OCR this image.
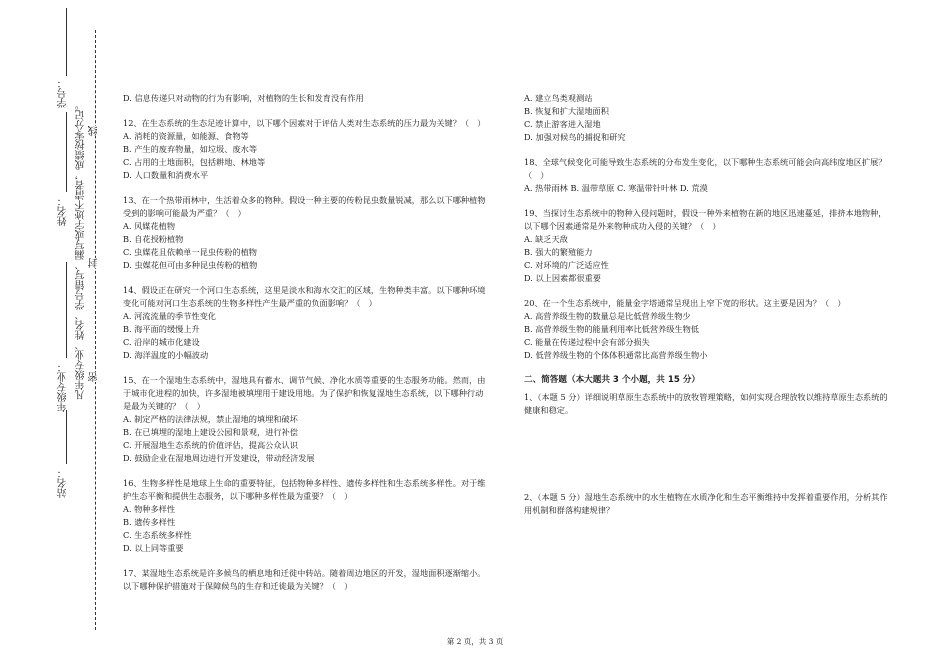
学号：
姓名：
年级专业：
站名：
凡年级专业、姓名、学号错写、漏写或字迹不清者，成绩按零分记。 线
封
密

D. 信息传递只对动物的行为有影响，对植物的生长和发育没有作用

12、在生态系统的生态足迹计算中，以下哪个因素对于评估人类对生态系统的压力最为关键？（　）

A. 消耗的资源量，如能源、食物等

B. 产生的废弃物量，如垃圾、废水等

C. 占用的土地面积，包括耕地、林地等

D. 人口数量和消费水平

13、在一个热带雨林中，生活着众多的物种。假设一种主要的传粉昆虫数量锐减，那么以下哪种植物受到的影响可能最为严重？（　）

A. 风媒花植物

B. 自花授粉植物

C. 虫媒花且依赖单一昆虫传粉的植物

D. 虫媒花但可由多种昆虫传粉的植物

14、假设正在研究一个河口生态系统，这里是淡水和海水交汇的区域，生物种类丰富。以下哪种环境变化可能对河口生态系统的生物多样性产生最严重的负面影响？（　）

A. 河流流量的季节性变化

B. 海平面的缓慢上升

C. 沿岸的城市化建设

D. 海洋温度的小幅波动

15、在一个湿地生态系统中，湿地具有蓄水、调节气候、净化水质等重要的生态服务功能。然而，由于城市化进程的加快，许多湿地被填埋用于建设用地。为了保护和恢复湿地生态系统，以下哪种行动是最为关键的？（　）

A. 制定严格的法律法规，禁止湿地的填埋和破坏

B. 在已填埋的湿地上建设公园和景观，进行补偿

C. 开展湿地生态系统的价值评估，提高公众认识

D. 鼓励企业在湿地周边进行开发建设，带动经济发展

16、生物多样性是地球上生命的重要特征，包括物种多样性、遗传多样性和生态系统多样性。对于维护生态平衡和提供生态服务，以下哪种多样性最为重要？（　）

A. 物种多样性

B. 遗传多样性

C. 生态系统多样性

D. 以上同等重要

17、某湿地生态系统是许多候鸟的栖息地和迁徙中转站。随着周边地区的开发，湿地面积逐渐缩小。以下哪种保护措施对于保障候鸟的生存和迁徙最为关键？（　）

A. 建立鸟类观测站

B. 恢复和扩大湿地面积

C. 禁止游客进入湿地

D. 加强对候鸟的捕捉和研究

18、全球气候变化可能导致生态系统的分布发生变化，以下哪种生态系统可能会向高纬度地区扩展？（　）

A. 热带雨林 B. 温带草原 C. 寒温带针叶林 D. 荒漠

19、当探讨生态系统中的物种入侵问题时，假设一种外来植物在新的地区迅速蔓延，排挤本地物种，以下哪个因素通常是外来物种成功入侵的关键？（　）

A. 缺乏天敌

B. 强大的繁殖能力

C. 对环境的广泛适应性

D. 以上因素都很重要

20、在一个生态系统中，能量金字塔通常呈现出上窄下宽的形状。这主要是因为？（　）

A. 高营养级生物的数量总是比低营养级生物少

B. 高营养级生物的能量利用率比低营养级生物低

C. 能量在传递过程中会有部分损失

D. 低营养级生物的个体体积通常比高营养级生物小

二、简答题（本大题共 3 个小题，共 15 分）

1、（本题 5 分）详细说明草原生态系统中的放牧管理策略，如何实现合理放牧以维持草原生态系统的健康和稳定。

2、（本题 5 分）湿地生态系统中的水生植物在水质净化和生态平衡维持中发挥着重要作用，分析其作用机制和群落构建规律？

第 2 页，共 3 页
